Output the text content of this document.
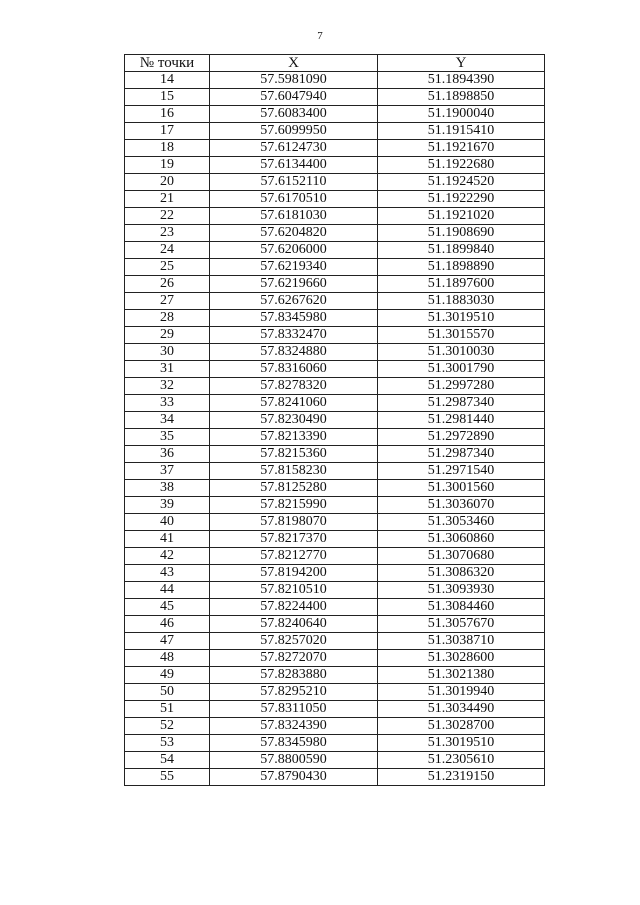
7
№ точки	X	Y
14	57.5981090	51.1894390
15	57.6047940	51.1898850
16	57.6083400	51.1900040
17	57.6099950	51.1915410
18	57.6124730	51.1921670
19	57.6134400	51.1922680
20	57.6152110	51.1924520
21	57.6170510	51.1922290
22	57.6181030	51.1921020
23	57.6204820	51.1908690
24	57.6206000	51.1899840
25	57.6219340	51.1898890
26	57.6219660	51.1897600
27	57.6267620	51.1883030
28	57.8345980	51.3019510
29	57.8332470	51.3015570
30	57.8324880	51.3010030
31	57.8316060	51.3001790
32	57.8278320	51.2997280
33	57.8241060	51.2987340
34	57.8230490	51.2981440
35	57.8213390	51.2972890
36	57.8215360	51.2987340
37	57.8158230	51.2971540
38	57.8125280	51.3001560
39	57.8215990	51.3036070
40	57.8198070	51.3053460
41	57.8217370	51.3060860
42	57.8212770	51.3070680
43	57.8194200	51.3086320
44	57.8210510	51.3093930
45	57.8224400	51.3084460
46	57.8240640	51.3057670
47	57.8257020	51.3038710
48	57.8272070	51.3028600
49	57.8283880	51.3021380
50	57.8295210	51.3019940
51	57.8311050	51.3034490
52	57.8324390	51.3028700
53	57.8345980	51.3019510
54	57.8800590	51.2305610
55	57.8790430	51.2319150
